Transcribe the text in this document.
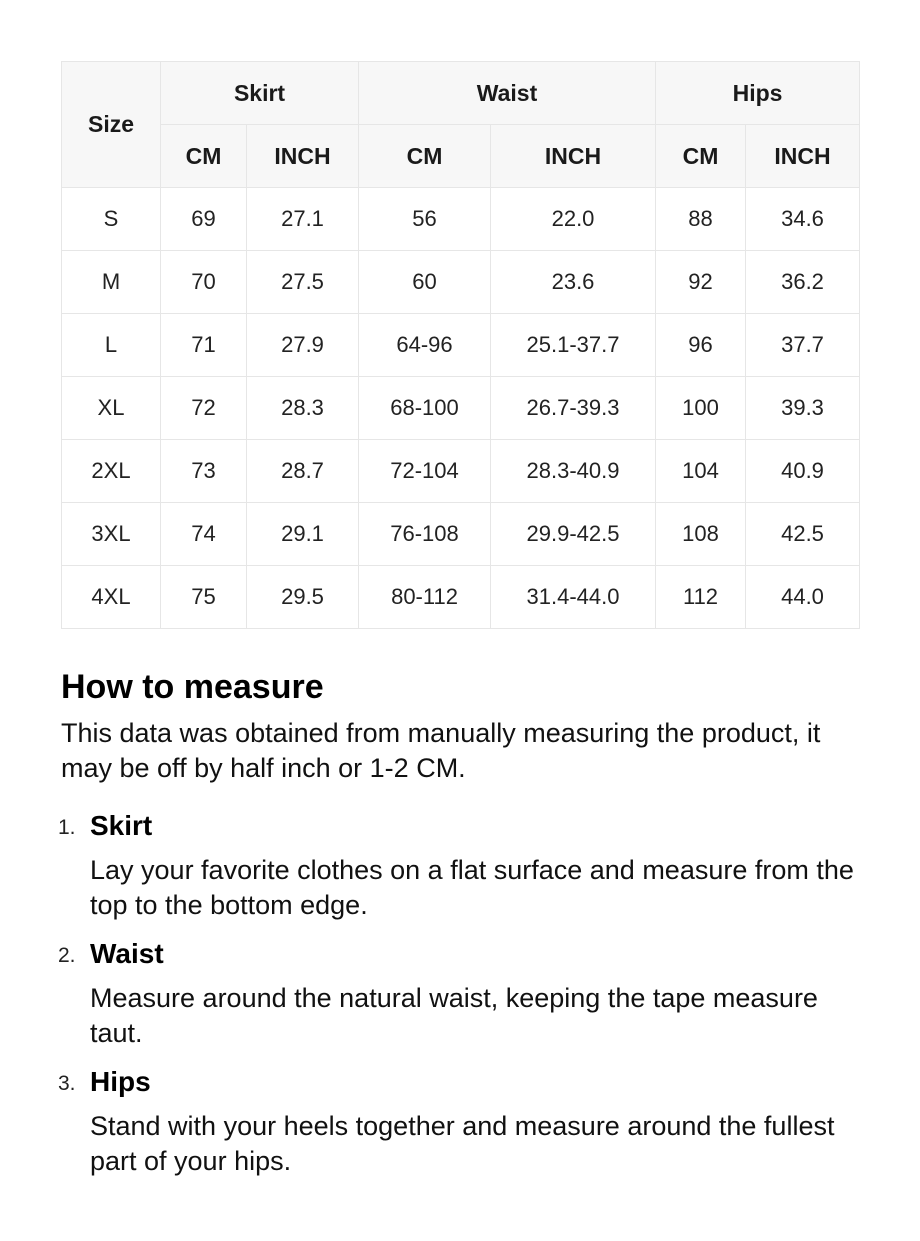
Size	Skirt		Waist		Hips	
	CM	INCH	CM	INCH	CM	INCH
S	69	27.1	56	22.0	88	34.6
M	70	27.5	60	23.6	92	36.2
L	71	27.9	64-96	25.1-37.7	96	37.7
XL	72	28.3	68-100	26.7-39.3	100	39.3
2XL	73	28.7	72-104	28.3-40.9	104	40.9
3XL	74	29.1	76-108	29.9-42.5	108	42.5
4XL	75	29.5	80-112	31.4-44.0	112	44.0
How to measure

This data was obtained from manually measuring the product, it may be off by half inch or 1-2 CM.

1. Skirt
Lay your favorite clothes on a flat surface and measure from the top to the bottom edge.
2. Waist
Measure around the natural waist, keeping the tape measure taut.
3. Hips
Stand with your heels together and measure around the fullest part of your hips.
